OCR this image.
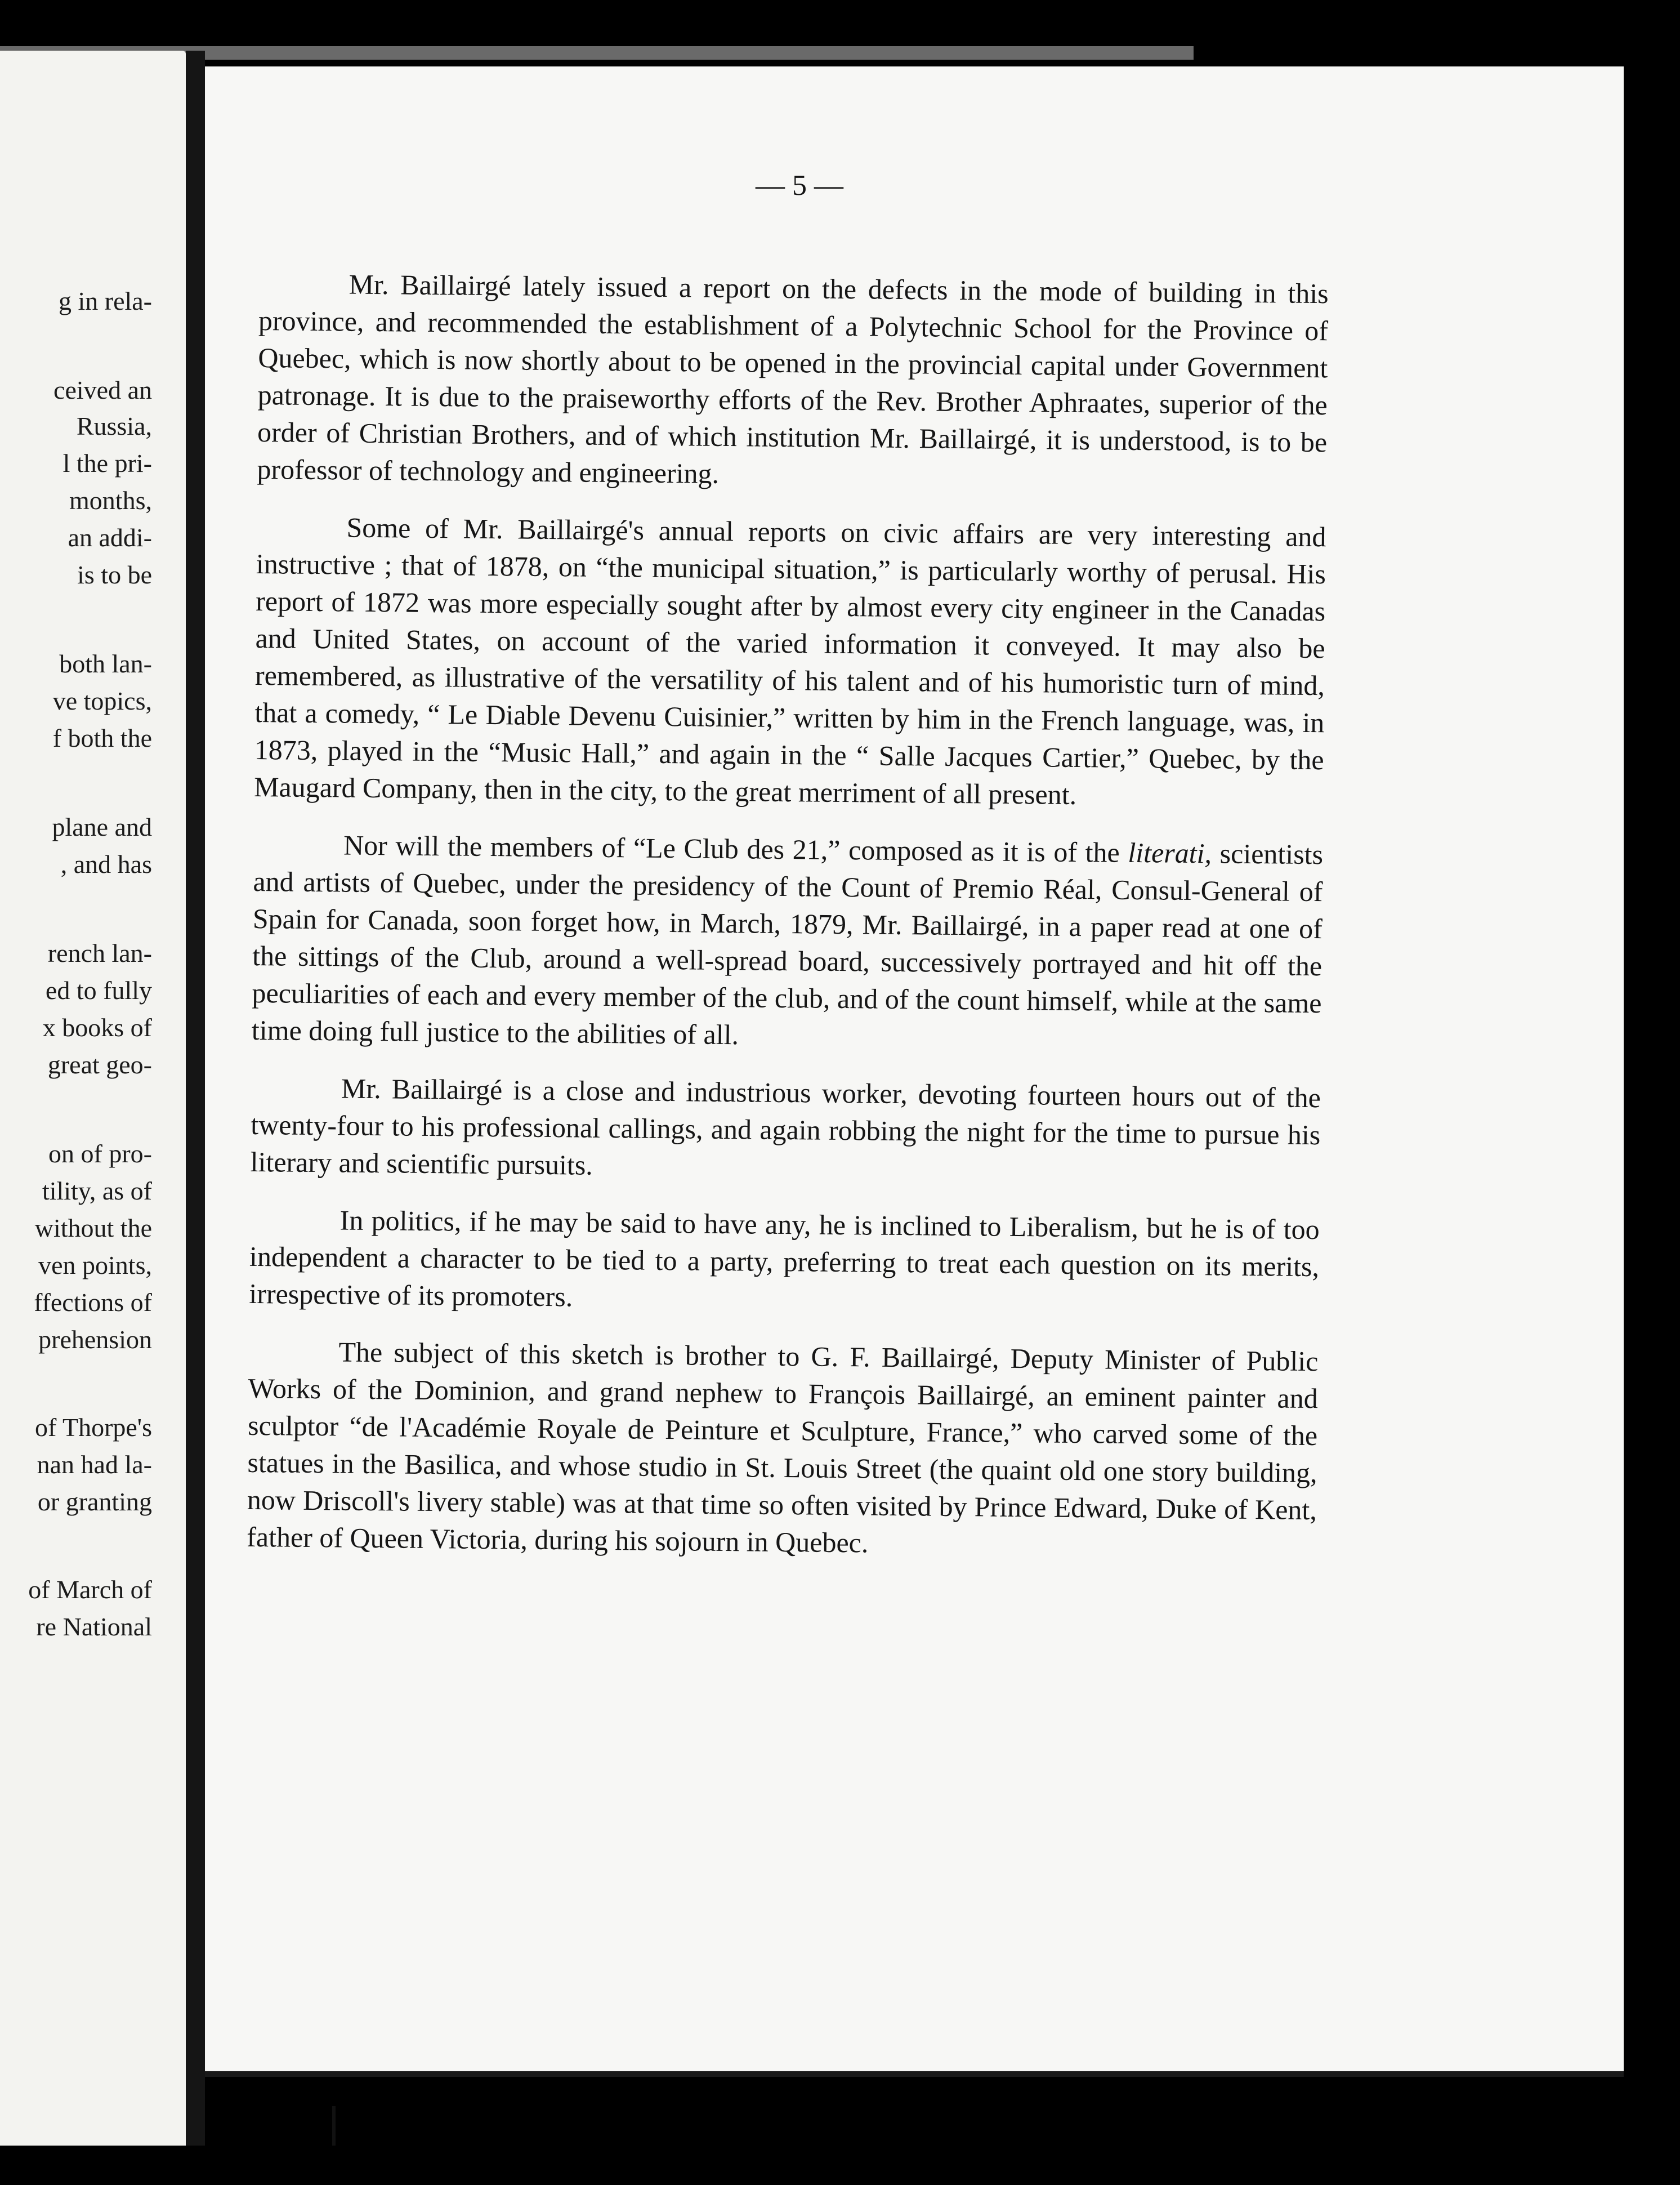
g in rela-
ceived an
Russia,
l the pri-
months,
an addi-
is to be
both lan-
ve topics,
f both the
plane and
, and has
rench lan-
ed to fully
x books of
great geo-
on of pro-
tility, as of
without the
ven points,
ffections of
prehension
of Thorpe's
nan had la-
or granting
of March of
re National
— 5 —

Mr. Baillairgé lately issued a report on the defects in the mode of building in this province, and recommended the establishment of a Polytechnic School for the Province of Quebec, which is now shortly about to be opened in the provincial capital under Government patronage. It is due to the praiseworthy efforts of the Rev. Brother Aphraates, superior of the order of Christian Brothers, and of which institution Mr. Baillairgé, it is understood, is to be professor of technology and engineering.

Some of Mr. Baillairgé's annual reports on civic affairs are very interesting and instructive ; that of 1878, on “the municipal situation,” is particularly worthy of perusal. His report of 1872 was more especially sought after by almost every city engineer in the Canadas and United States, on account of the varied information it conveyed. It may also be remembered, as illustrative of the versatility of his talent and of his humoristic turn of mind, that a comedy, “ Le Diable Devenu Cuisinier,” written by him in the French language, was, in 1873, played in the “Music Hall,” and again in the “ Salle Jacques Cartier,” Quebec, by the Maugard Company, then in the city, to the great merriment of all present.

Nor will the members of “Le Club des 21,” composed as it is of the literati, scientists and artists of Quebec, under the presidency of the Count of Premio Réal, Consul-General of Spain for Canada, soon forget how, in March, 1879, Mr. Baillairgé, in a paper read at one of the sittings of the Club, around a well-spread board, successively portrayed and hit off the peculiarities of each and every member of the club, and of the count himself, while at the same time doing full justice to the abilities of all.

Mr. Baillairgé is a close and industrious worker, devoting fourteen hours out of the twenty-four to his professional callings, and again robbing the night for the time to pursue his literary and scientific pursuits.

In politics, if he may be said to have any, he is inclined to Liberalism, but he is of too independent a character to be tied to a party, preferring to treat each question on its merits, irrespective of its promoters.

The subject of this sketch is brother to G. F. Baillairgé, Deputy Minister of Public Works of the Dominion, and grand nephew to François Baillairgé, an eminent painter and sculptor “de l'Académie Royale de Peinture et Sculpture, France,” who carved some of the statues in the Basilica, and whose studio in St. Louis Street (the quaint old one story building, now Driscoll's livery stable) was at that time so often visited by Prince Edward, Duke of Kent, father of Queen Victoria, during his sojourn in Quebec.
